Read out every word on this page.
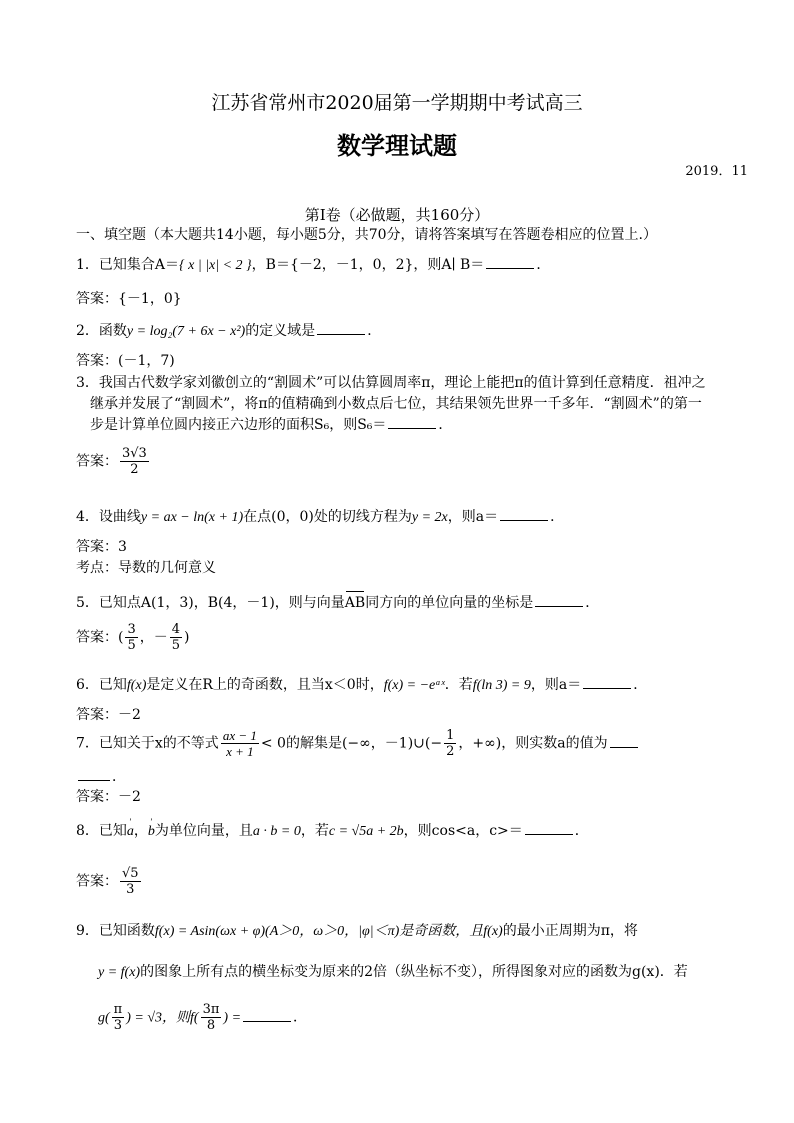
江苏省常州市2020届第一学期期中考试高三
数学理试题
2019．11
第Ⅰ卷（必做题，共160分）
一、填空题（本大题共14小题，每小题5分，共70分，请将答案填写在答题卷相应的位置上.）
1．已知集合A＝{ x | |x| < 2 }，B＝{－2，－1，0，2}，则A∣ B＝	．
答案：{－1，0}
2．函数y = log₂(7 + 6x − x²)的定义域是	．
答案：(－1，7)
3．我国古代数学家刘徽创立的“割圆术”可以估算圆周率π，理论上能把π的值计算到任意精度．祖冲之
继承并发展了“割圆术”，将π的值精确到小数点后七位，其结果领先世界一千多年．“割圆术”的第一
步是计算单位圆内接正六边形的面积S₆，则S₆＝	．
答案： $\frac{3√3}{2}$
4．设曲线y = ax − ln(x + 1)在点(0，0)处的切线方程为y = 2x，则a＝	．
答案：3
考点：导数的几何意义
5．已知点A(1，3)，B(4，－1)，则与向量AB同方向的单位向量的坐标是	．
答案：( $\frac{3}{5}$ ，－ $\frac{4}{5}$ )
6．已知f(x)是定义在R上的奇函数，且当x＜0时，f(x) = −eᵃˣ．若f(ln 3) = 9，则a＝	．
答案：－2
7．已知关于x的不等式 $\frac{ax - 1}{x + 1} < 0$的解集是(−∞，－1)∪(− $\frac{1}{2}$ ，+∞)，则实数a的值为
．
答案：－2
8．已知' a，' b为单位向量，且a · b = 0，若c = √5a + 2b，则cos<a，c>＝	．
答案： $\frac{√5}{3}$
9．已知函数f(x) = Asin(ωx + φ)(A＞0，ω＞0，|φ|＜π)是奇函数，且f(x)的最小正周期为π，将
y = f(x)的图象上所有点的横坐标变为原来的2倍（纵坐标不变），所得图象对应的函数为g(x)．若
$g( \frac{\pi}{3}$ ) = √3，则$f( \frac{3\pi}{8}$ ) =	．
